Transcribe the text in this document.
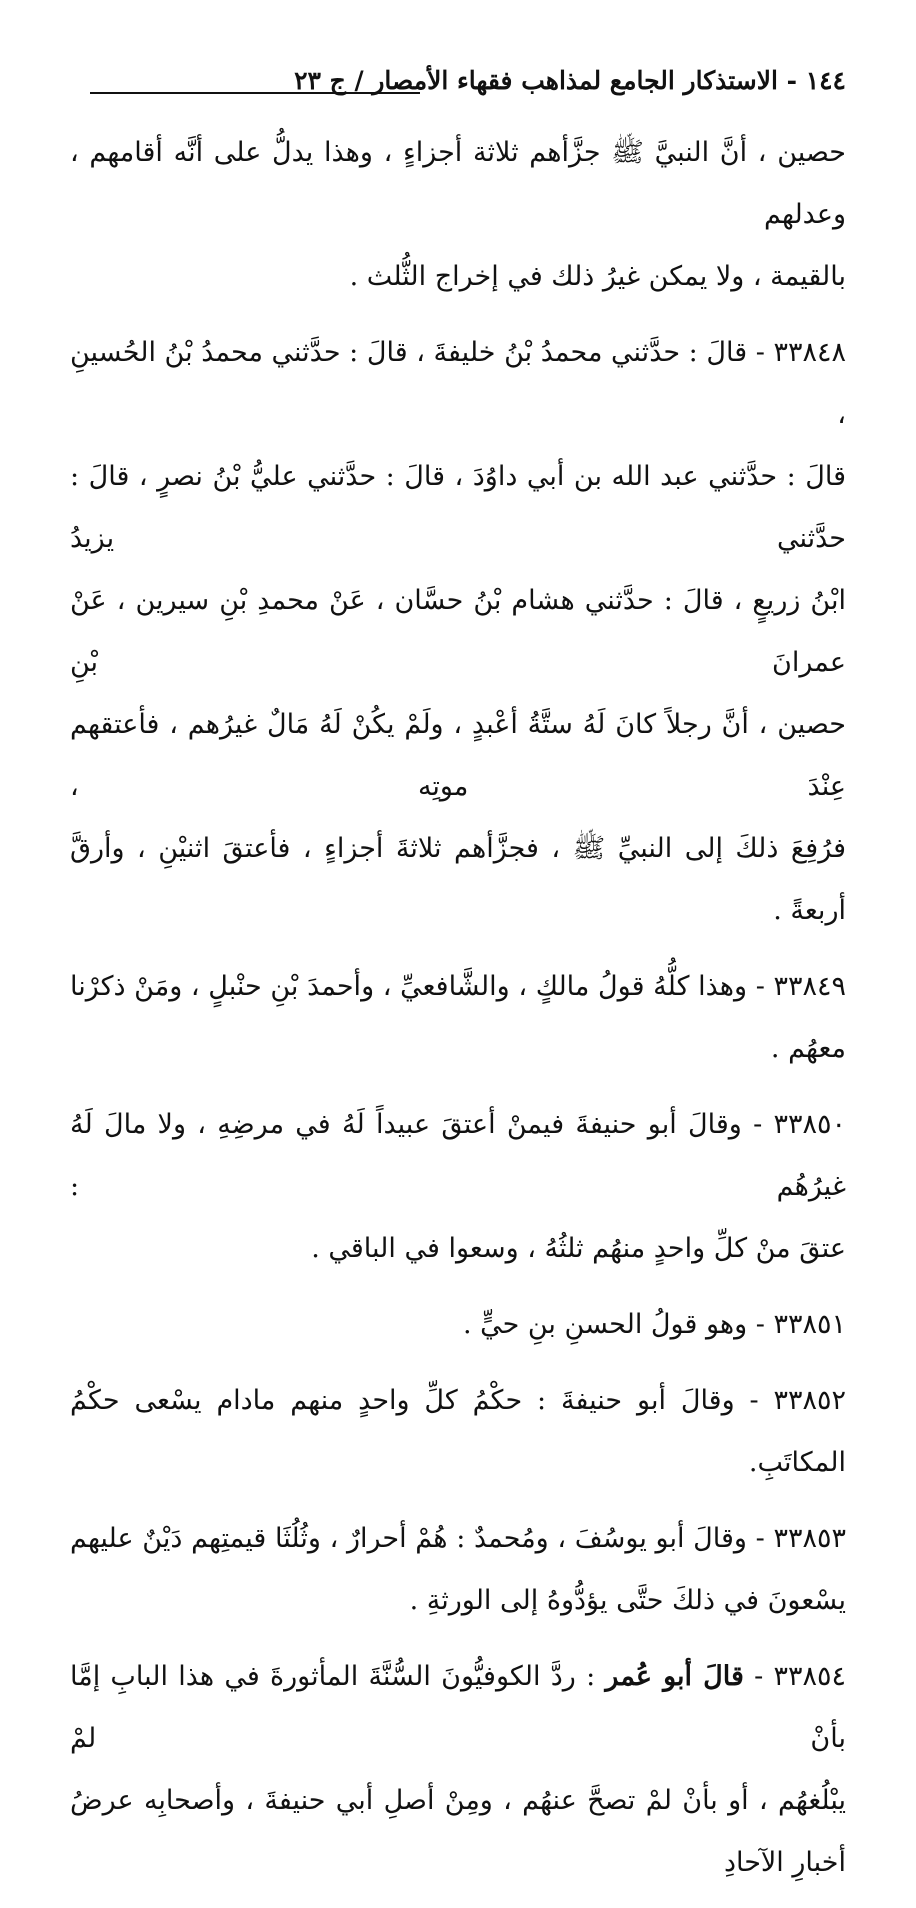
١٤٤ - الاستذكار الجامع لمذاهب فقهاء الأمصار / ج ٢٣
حصين ، أنَّ النبيَّ ﷺ جزَّأهم ثلاثة أجزاءٍ ، وهذا يدلُّ على أنَّه أقامهم ، وعدلهم
بالقيمة ، ولا يمكن غيرُ ذلك في إخراج الثُّلث .
٣٣٨٤٨ - قالَ : حدَّثني محمدُ بْنُ خليفةَ ، قالَ : حدَّثني محمدُ بْنُ الحُسينِ ،
قالَ : حدَّثني عبد الله بن أبي داوُدَ ، قالَ : حدَّثني عليُّ بْنُ نصرٍ ، قالَ : حدَّثني يزيدُ
ابْنُ زريعٍ ، قالَ : حدَّثني هشام بْنُ حسَّان ، عَنْ محمدِ بْنِ سيرين ، عَنْ عمرانَ بْنِ
حصين ، أنَّ رجلاً كانَ لَهُ ستَّةُ أعْبدٍ ، ولَمْ يكُنْ لَهُ مَالٌ غيرُهم ، فأعتقهم عِنْدَ موتِه ،
فرُفِعَ ذلكَ إلى النبيِّ ﷺ ، فجزَّأهم ثلاثةَ أجزاءٍ ، فأعتقَ اثنيْنِ ، وأرقَّ أربعةً .
٣٣٨٤٩ - وهذا كلُّهُ قولُ مالكٍ ، والشَّافعيِّ ، وأحمدَ بْنِ حنْبلٍ ، ومَنْ ذكرْنا
معهُم .
٣٣٨٥٠ - وقالَ أبو حنيفةَ فيمنْ أعتقَ عبيداً لَهُ في مرضِهِ ، ولا مالَ لَهُ غيرُهُم :
عتقَ منْ كلِّ واحدٍ منهُم ثلثُهُ ، وسعوا في الباقي .
٣٣٨٥١ - وهو قولُ الحسنِ بنِ حيٍّ .
٣٣٨٥٢ - وقالَ أبو حنيفةَ : حكْمُ كلِّ واحدٍ منهم مادام يسْعى حكْمُ المكاتَبِ.
٣٣٨٥٣ - وقالَ أبو يوسُفَ ، ومُحمدٌ : هُمْ أحرارٌ ، وثُلُثَا قيمتِهم دَيْنٌ عليهم
يسْعونَ في ذلكَ حتَّى يؤدُّوهُ إلى الورثةِ .
٣٣٨٥٤ - قالَ أبو عُمر : ردَّ الكوفيُّونَ السُّنَّةَ المأثورةَ في هذا البابِ إمَّا بأنْ لمْ
يبْلُغهُم ، أو بأنْ لمْ تصحَّ عنهُم ، ومِنْ أصلِ أبي حنيفةَ ، وأصحابِه عرضُ أخبارِ الآحادِ
